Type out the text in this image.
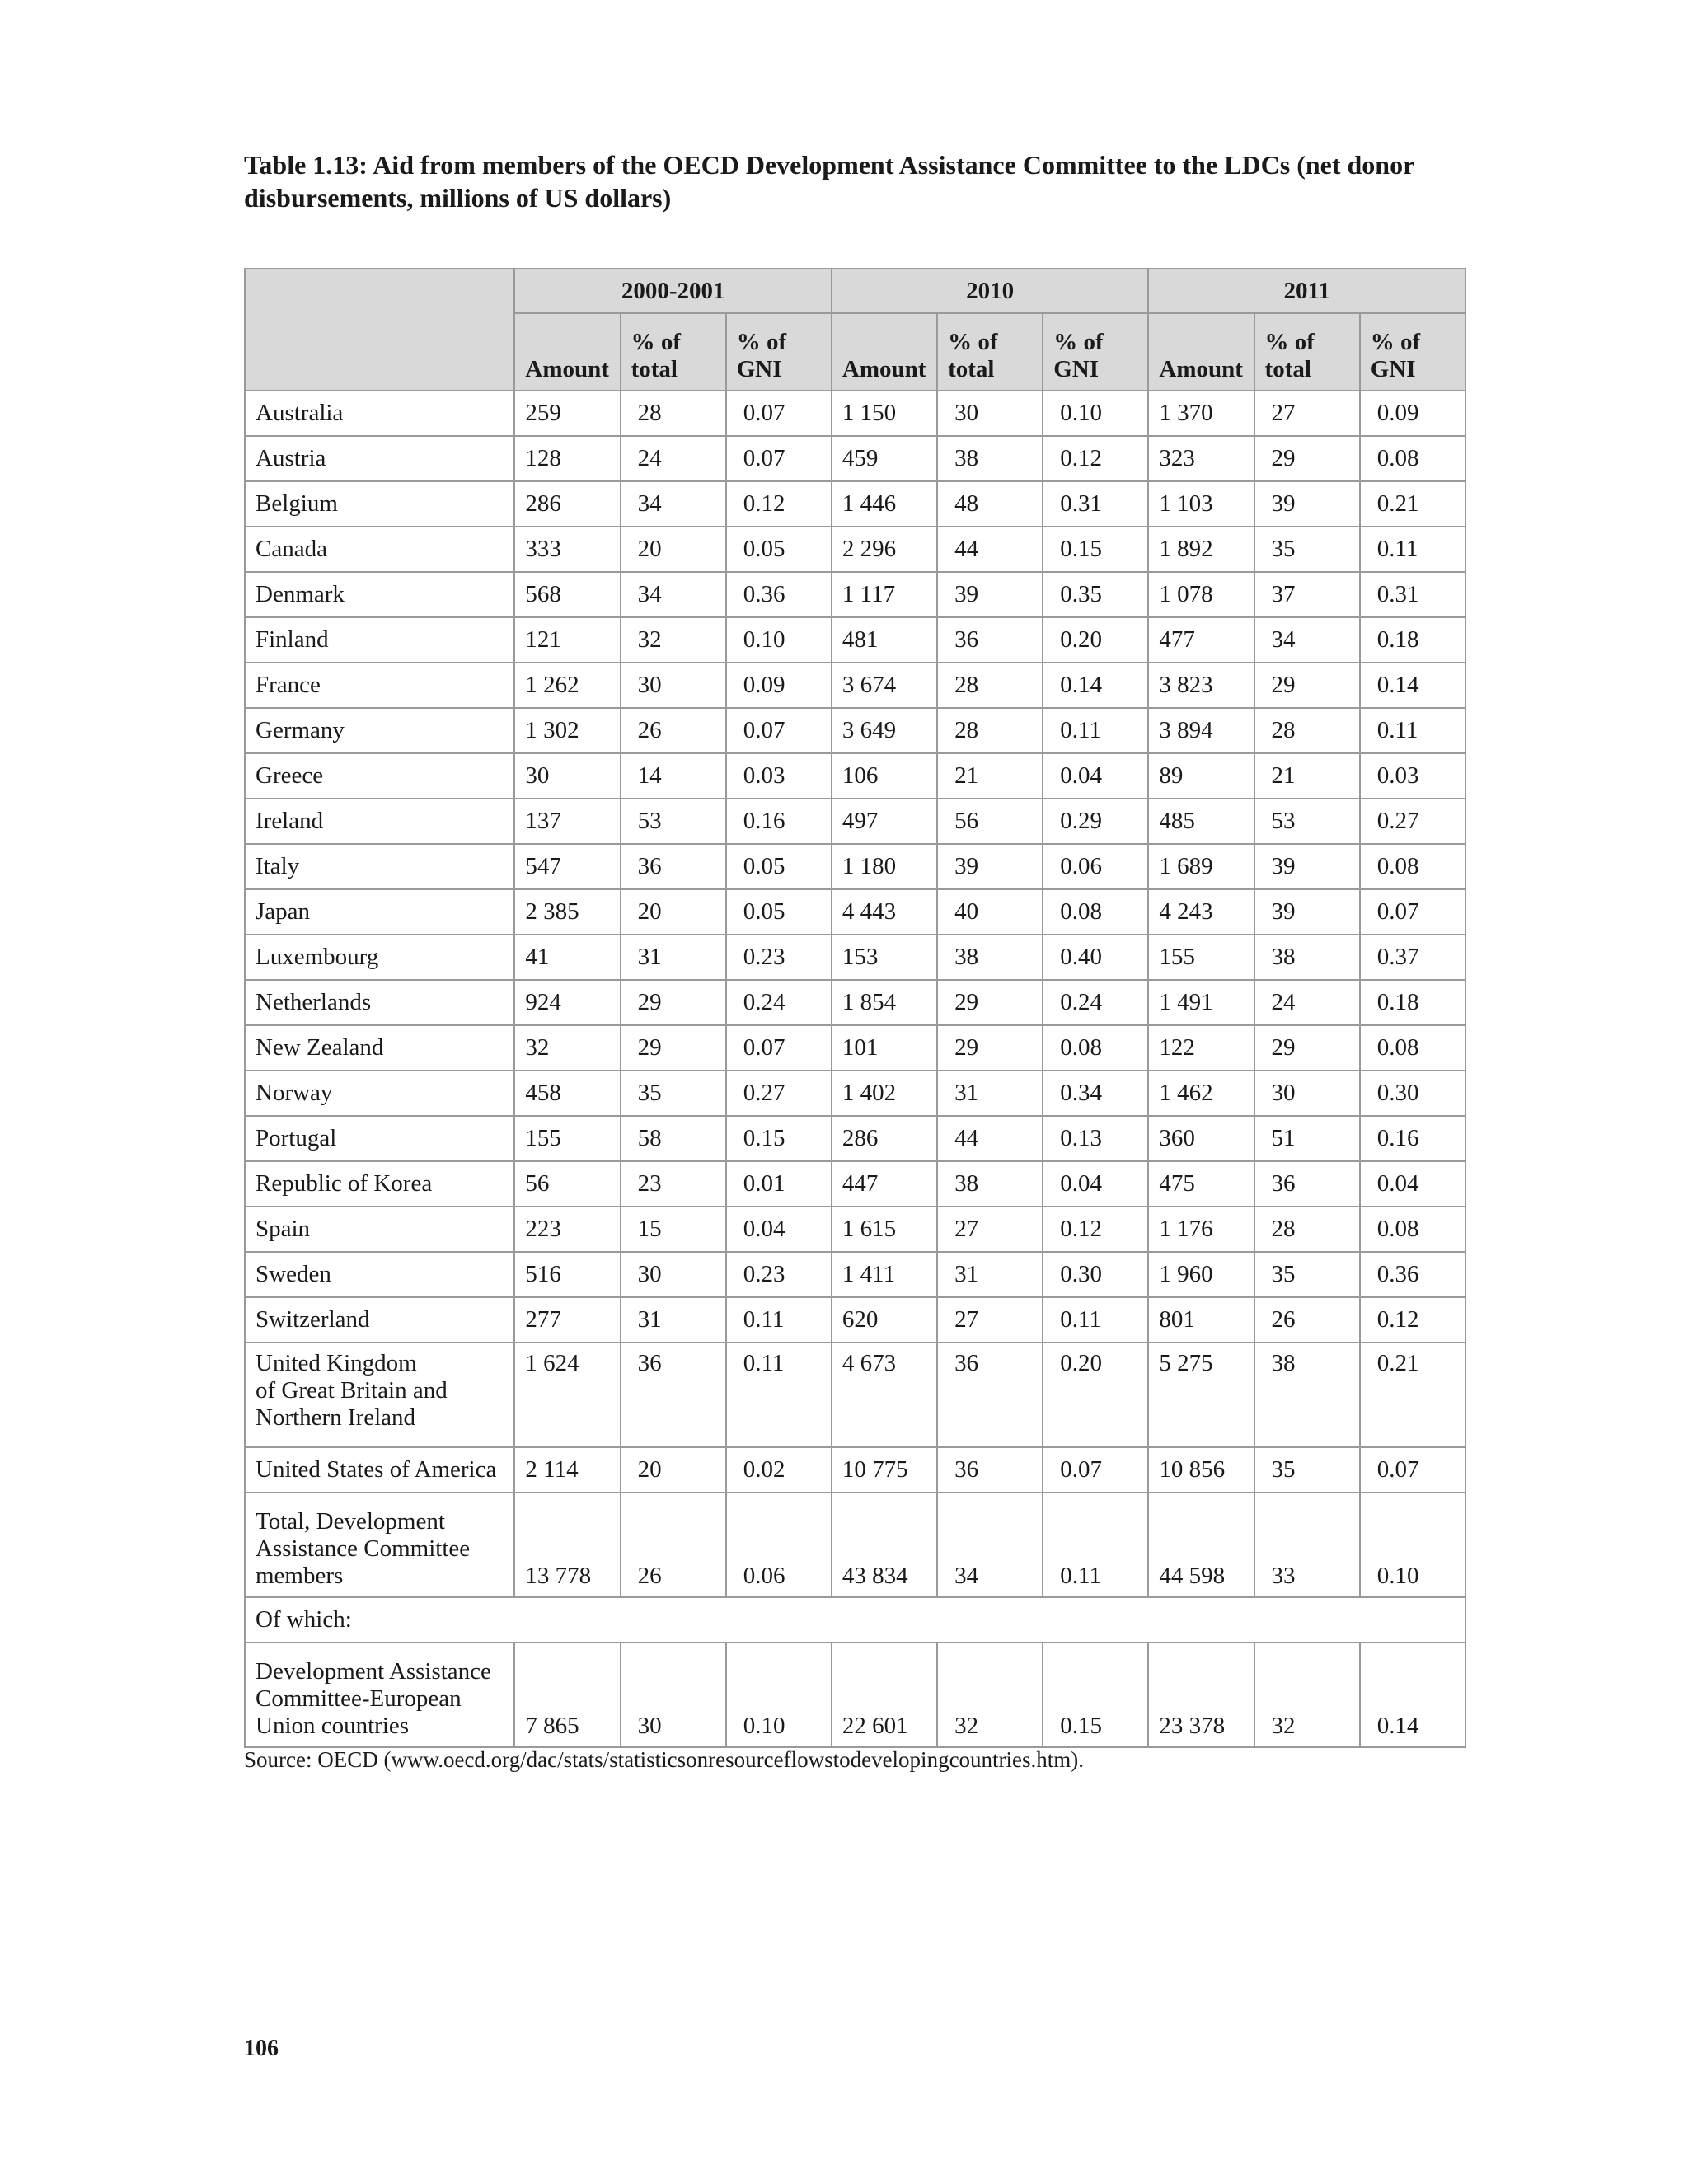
Table 1.13: Aid from members of the OECD Development Assistance Committee to the LDCs (net donor disbursements, millions of US dollars)
	2000-2001			2010			2011		
	Amount	% of total	% of GNI	Amount	% of total	% of GNI	Amount	% of total	% of GNI
Australia	259	28	0.07	1 150	30	0.10	1 370	27	0.09
Austria	128	24	0.07	459	38	0.12	323	29	0.08
Belgium	286	34	0.12	1 446	48	0.31	1 103	39	0.21
Canada	333	20	0.05	2 296	44	0.15	1 892	35	0.11
Denmark	568	34	0.36	1 117	39	0.35	1 078	37	0.31
Finland	121	32	0.10	481	36	0.20	477	34	0.18
France	1 262	30	0.09	3 674	28	0.14	3 823	29	0.14
Germany	1 302	26	0.07	3 649	28	0.11	3 894	28	0.11
Greece	30	14	0.03	106	21	0.04	89	21	0.03
Ireland	137	53	0.16	497	56	0.29	485	53	0.27
Italy	547	36	0.05	1 180	39	0.06	1 689	39	0.08
Japan	2 385	20	0.05	4 443	40	0.08	4 243	39	0.07
Luxembourg	41	31	0.23	153	38	0.40	155	38	0.37
Netherlands	924	29	0.24	1 854	29	0.24	1 491	24	0.18
New Zealand	32	29	0.07	101	29	0.08	122	29	0.08
Norway	458	35	0.27	1 402	31	0.34	1 462	30	0.30
Portugal	155	58	0.15	286	44	0.13	360	51	0.16
Republic of Korea	56	23	0.01	447	38	0.04	475	36	0.04
Spain	223	15	0.04	1 615	27	0.12	1 176	28	0.08
Sweden	516	30	0.23	1 411	31	0.30	1 960	35	0.36
Switzerland	277	31	0.11	620	27	0.11	801	26	0.12
United Kingdom
of Great Britain and
Northern Ireland	1 624	36	0.11	4 673	36	0.20	5 275	38	0.21
United States of America	2 114	20	0.02	10 775	36	0.07	10 856	35	0.07
Total, Development
Assistance Committee
members	13 778	26	0.06	43 834	34	0.11	44 598	33	0.10
Of which:									
Development Assistance
Committee-European
Union countries	7 865	30	0.10	22 601	32	0.15	23 378	32	0.14
Source: OECD (www.oecd.org/dac/stats/statisticsonresourceflowstodevelopingcountries.htm).
106
